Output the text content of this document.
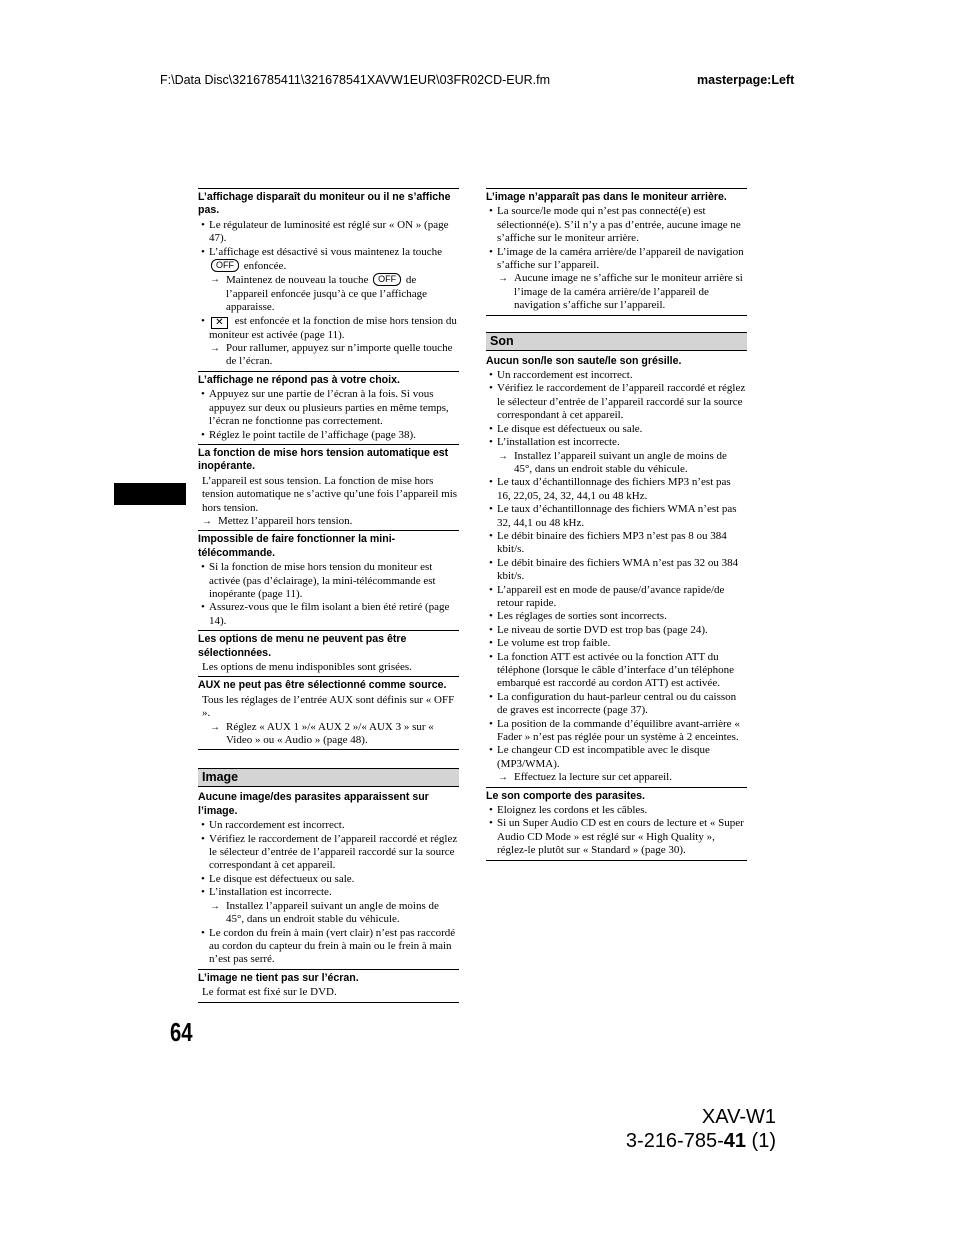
F:\Data Disc\3216785411\321678541XAVW1EUR\03FR02CD-EUR.fm	masterpage:Left
L’affichage disparaît du moniteur ou il ne s’affiche pas.
• Le régulateur de luminosité est réglé sur « ON » (page 47).
• L’affichage est désactivé si vous maintenez la touche OFF enfoncée.
→ Maintenez de nouveau la touche OFF de l’appareil enfoncée jusqu’à ce que l’affichage apparaisse.
• ✕ est enfoncée et la fonction de mise hors tension du moniteur est activée (page 11).
→ Pour rallumer, appuyez sur n’importe quelle touche de l’écran.
L’affichage ne répond pas à votre choix.
• Appuyez sur une partie de l’écran à la fois. Si vous appuyez sur deux ou plusieurs parties en même temps, l’écran ne fonctionne pas correctement.
• Réglez le point tactile de l’affichage (page 38).
La fonction de mise hors tension automatique est inopérante.
L’appareil est sous tension. La fonction de mise hors tension automatique ne s’active qu’une fois l’appareil mis hors tension.
→ Mettez l’appareil hors tension.
Impossible de faire fonctionner la mini-télécommande.
• Si la fonction de mise hors tension du moniteur est activée (pas d’éclairage), la mini-télécommande est inopérante (page 11).
• Assurez-vous que le film isolant a bien été retiré (page 14).
Les options de menu ne peuvent pas être sélectionnées.
Les options de menu indisponibles sont grisées.
AUX ne peut pas être sélectionné comme source.
Tous les réglages de l’entrée AUX sont définis sur « OFF ».
→ Réglez « AUX 1 »/« AUX 2 »/« AUX 3 » sur « Video » ou « Audio » (page 48).
Image
Aucune image/des parasites apparaissent sur l’image.
• Un raccordement est incorrect.
• Vérifiez le raccordement de l’appareil raccordé et réglez le sélecteur d’entrée de l’appareil raccordé sur la source correspondant à cet appareil.
• Le disque est défectueux ou sale.
• L’installation est incorrecte.
→ Installez l’appareil suivant un angle de moins de 45°, dans un endroit stable du véhicule.
• Le cordon du frein à main (vert clair) n’est pas raccordé au cordon du capteur du frein à main ou le frein à main n’est pas serré.
L’image ne tient pas sur l’écran.
Le format est fixé sur le DVD.
L’image n’apparaît pas dans le moniteur arrière.
• La source/le mode qui n’est pas connecté(e) est sélectionné(e). S’il n’y a pas d’entrée, aucune image ne s’affiche sur le moniteur arrière.
• L’image de la caméra arrière/de l’appareil de navigation s’affiche sur l’appareil.
→ Aucune image ne s’affiche sur le moniteur arrière si l’image de la caméra arrière/de l’appareil de navigation s’affiche sur l’appareil.
Son
Aucun son/le son saute/le son grésille.
• Un raccordement est incorrect.
• Vérifiez le raccordement de l’appareil raccordé et réglez le sélecteur d’entrée de l’appareil raccordé sur la source correspondant à cet appareil.
• Le disque est défectueux ou sale.
• L’installation est incorrecte.
→ Installez l’appareil suivant un angle de moins de 45°, dans un endroit stable du véhicule.
• Le taux d’échantillonnage des fichiers MP3 n’est pas 16, 22,05, 24, 32, 44,1 ou 48 kHz.
• Le taux d’échantillonnage des fichiers WMA n’est pas 32, 44,1 ou 48 kHz.
• Le débit binaire des fichiers MP3 n’est pas 8 ou 384 kbit/s.
• Le débit binaire des fichiers WMA n’est pas 32 ou 384 kbit/s.
• L’appareil est en mode de pause/d’avance rapide/de retour rapide.
• Les réglages de sorties sont incorrects.
• Le niveau de sortie DVD est trop bas (page 24).
• Le volume est trop faible.
• La fonction ATT est activée ou la fonction ATT du téléphone (lorsque le câble d’interface d’un téléphone embarqué est raccordé au cordon ATT) est activée.
• La configuration du haut-parleur central ou du caisson de graves est incorrecte (page 37).
• La position de la commande d’équilibre avant-arrière « Fader » n’est pas réglée pour un système à 2 enceintes.
• Le changeur CD est incompatible avec le disque (MP3/WMA).
→ Effectuez la lecture sur cet appareil.
Le son comporte des parasites.
• Eloignez les cordons et les câbles.
• Si un Super Audio CD est en cours de lecture et « Super Audio CD Mode » est réglé sur « High Quality », réglez-le plutôt sur « Standard » (page 30).
64
XAV-W1
3-216-785-41 (1)
